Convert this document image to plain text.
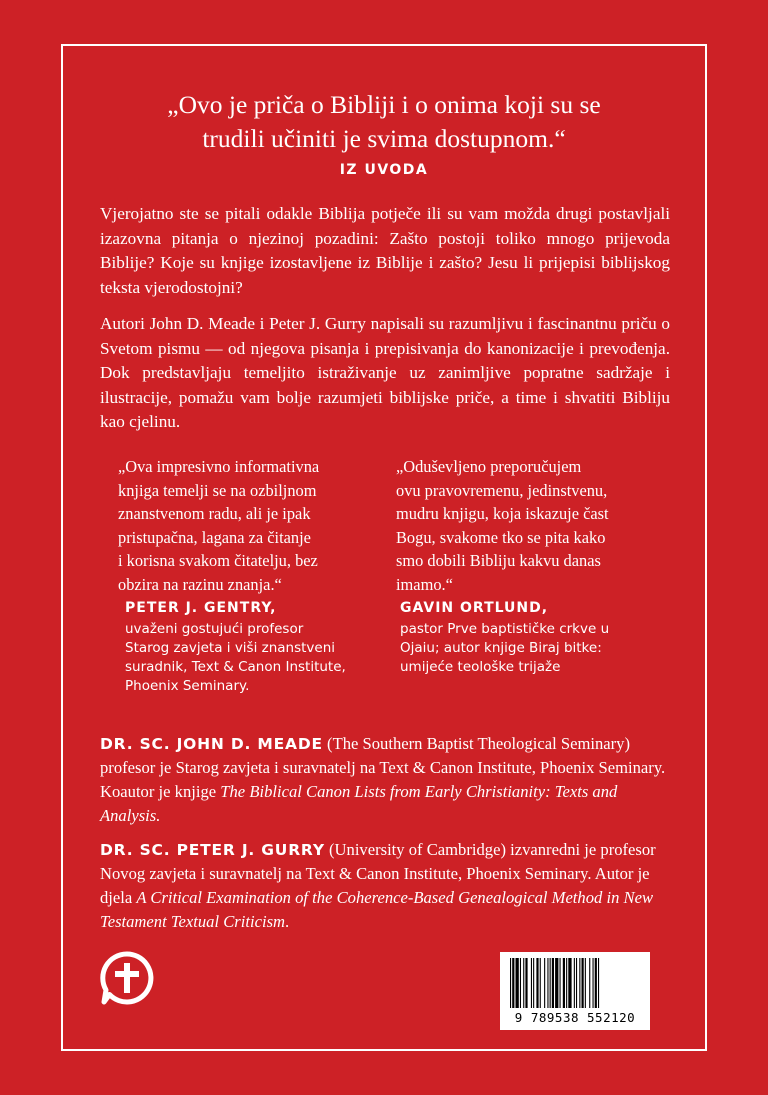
„Ovo je priča o Bibliji i o onima koji su se
trudili učiniti je svima dostupnom.“
IZ UVODA
Vjerojatno ste se pitali odakle Biblija potječe ili su vam možda drugi postavljali izazovna pitanja o njezinoj pozadini: Zašto postoji toliko mnogo prijevoda Biblije? Koje su knjige izostavljene iz Biblije i zašto? Jesu li prijepisi biblijskog teksta vjerodostojni?
Autori John D. Meade i Peter J. Gurry napisali su razumljivu i fascinantnu priču o Svetom pismu — od njegova pisanja i prepisivanja do kanonizacije i prevođenja. Dok predstavljaju temeljito istraživanje uz zanimljive popratne sadržaje i ilustracije, pomažu vam bolje razumjeti biblijske priče, a time i shvatiti Bibliju kao cjelinu.
„Ova impresivno informativna
knjiga temelji se na ozbiljnom
znanstvenom radu, ali je ipak
pristupačna, lagana za čitanje
i korisna svakom čitatelju, bez
obzira na razinu znanja.“
„Oduševljeno preporučujem
ovu pravovremenu, jedinstvenu,
mudru knjigu, koja iskazuje čast
Bogu, svakome tko se pita kako
smo dobili Bibliju kakvu danas
imamo.“
PETER J. GENTRY,
uvaženi gostujući profesor
Starog zavjeta i viši znanstveni
suradnik, Text & Canon Institute,
Phoenix Seminary.
GAVIN ORTLUND,
pastor Prve baptističke crkve u
Ojaiu; autor knjige Biraj bitke:
umijeće teološke trijaže
DR. SC. JOHN D. MEADE (The Southern Baptist Theological Seminary) profesor je Starog zavjeta i suravnatelj na Text & Canon Institute, Phoenix Seminary. Koautor je knjige The Biblical Canon Lists from Early Christianity: Texts and Analysis.
DR. SC. PETER J. GURRY (University of Cambridge) izvanredni je profesor Novog zavjeta i suravnatelj na Text & Canon Institute, Phoenix Seminary. Autor je djela A Critical Examination of the Coherence-Based Genealogical Method in New Testament Textual Criticism.
9 789538 552120
